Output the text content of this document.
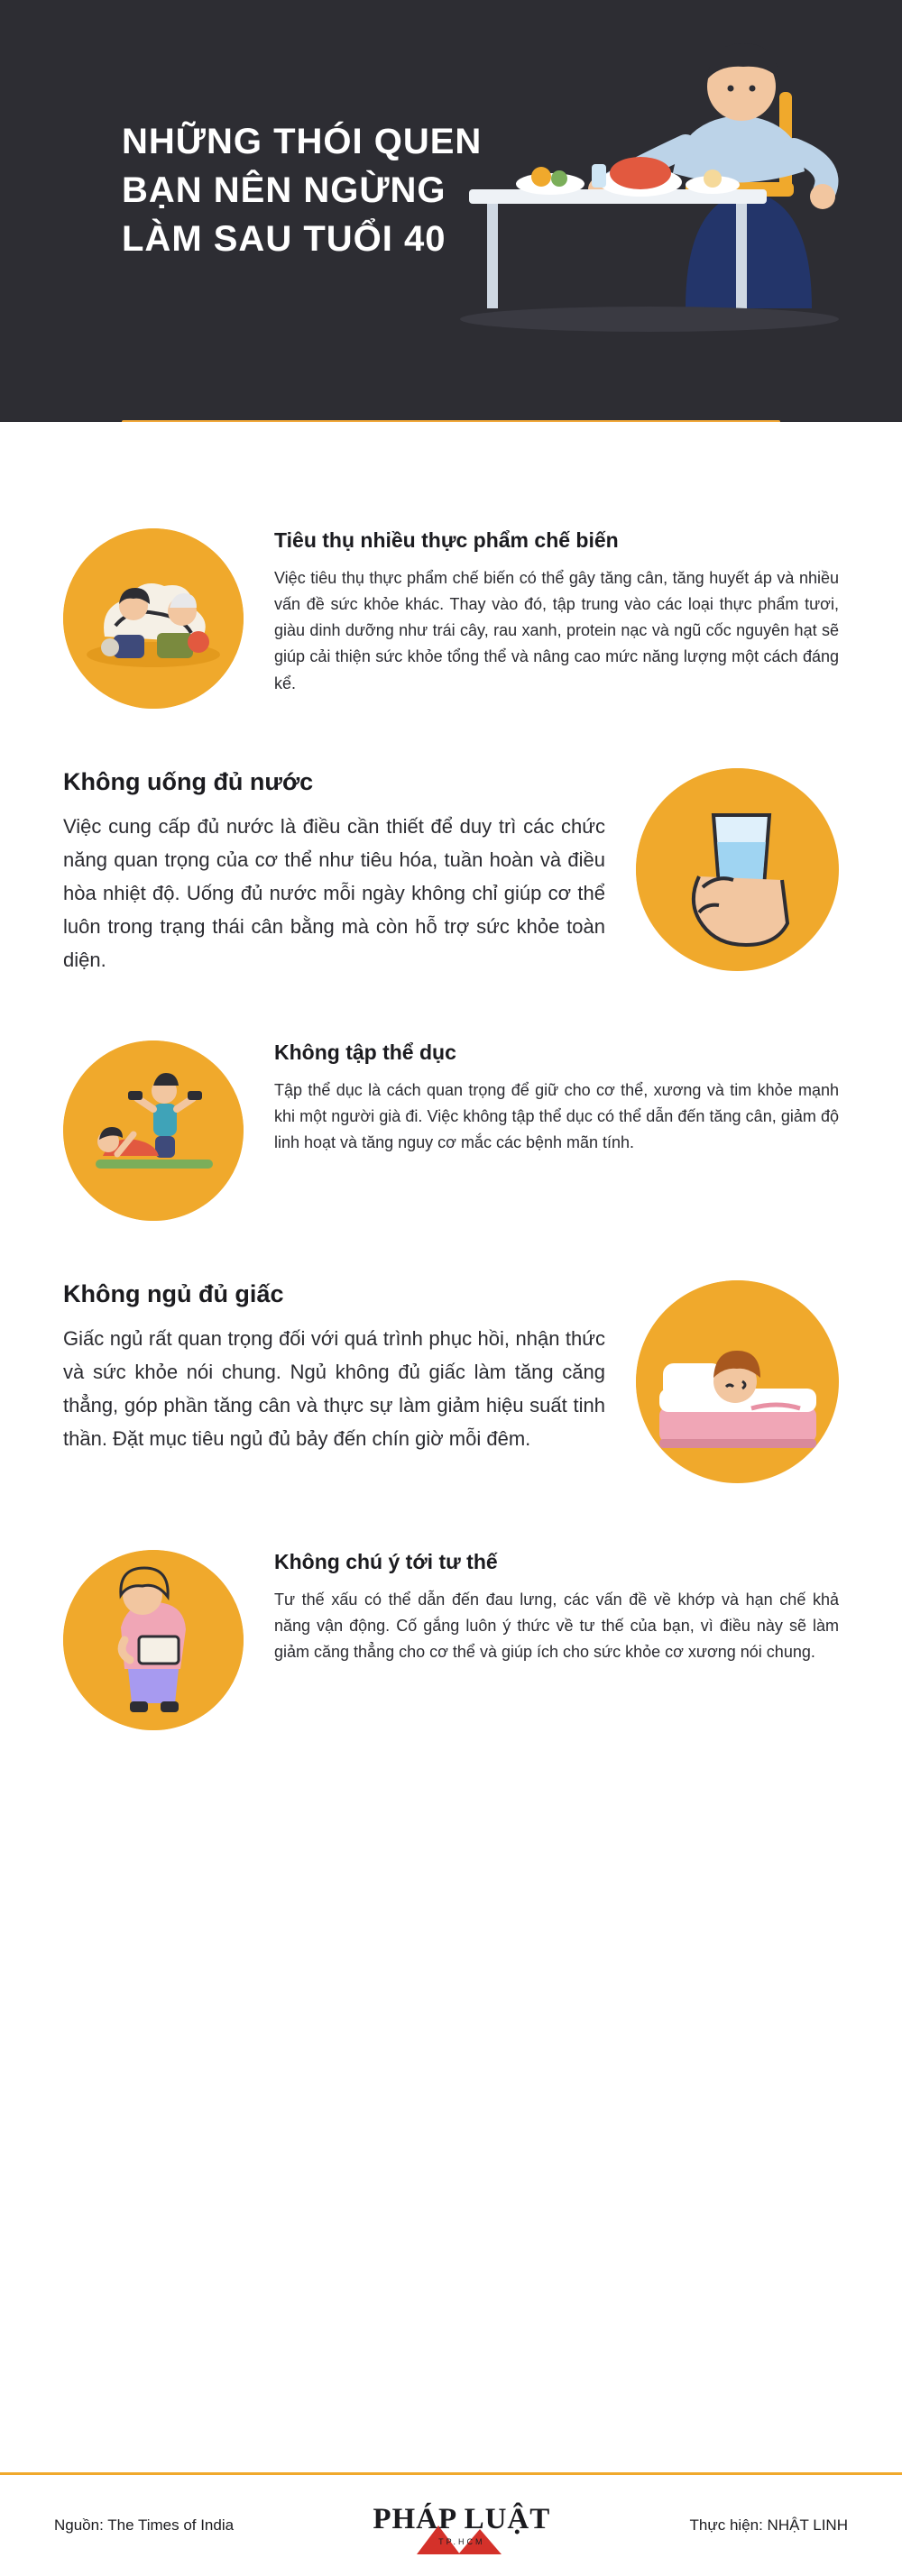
NHỮNG THÓI QUEN
BẠN NÊN NGỪNG
LÀM SAU TUỔI 40
Tiêu thụ nhiều thực phẩm chế biến
Việc tiêu thụ thực phẩm chế biến có thể gây tăng cân, tăng huyết áp và nhiều vấn đề sức khỏe khác. Thay vào đó, tập trung vào các loại thực phẩm tươi, giàu dinh dưỡng như trái cây, rau xanh, protein nạc và ngũ cốc nguyên hạt sẽ giúp cải thiện sức khỏe tổng thể và nâng cao mức năng lượng một cách đáng kể.
Không uống đủ nước
Việc cung cấp đủ nước là điều cần thiết để duy trì các chức năng quan trọng của cơ thể như tiêu hóa, tuần hoàn và điều hòa nhiệt độ. Uống đủ nước mỗi ngày không chỉ giúp cơ thể luôn trong trạng thái cân bằng mà còn hỗ trợ sức khỏe toàn diện.
Không tập thể dục
Tập thể dục là cách quan trọng để giữ cho cơ thể, xương và tim khỏe mạnh khi một người già đi. Việc không tập thể dục có thể dẫn đến tăng cân, giảm độ linh hoạt và tăng nguy cơ mắc các bệnh mãn tính.
Không ngủ đủ giấc
Giấc ngủ rất quan trọng đối với quá trình phục hồi, nhận thức và sức khỏe nói chung. Ngủ không đủ giấc làm tăng căng thẳng, góp phần tăng cân và thực sự làm giảm hiệu suất tinh thần. Đặt mục tiêu ngủ đủ bảy đến chín giờ mỗi đêm.
Không chú ý tới tư thế
Tư thế xấu có thể dẫn đến đau lưng, các vấn đề về khớp và hạn chế khả năng vận động. Cố gắng luôn ý thức về tư thế của bạn, vì điều này sẽ làm giảm căng thẳng cho cơ thể và giúp ích cho sức khỏe cơ xương nói chung.
Nguồn: The Times of India	PHÁP LUẬT
TP.HCM
Thực hiện: NHẬT LINH
